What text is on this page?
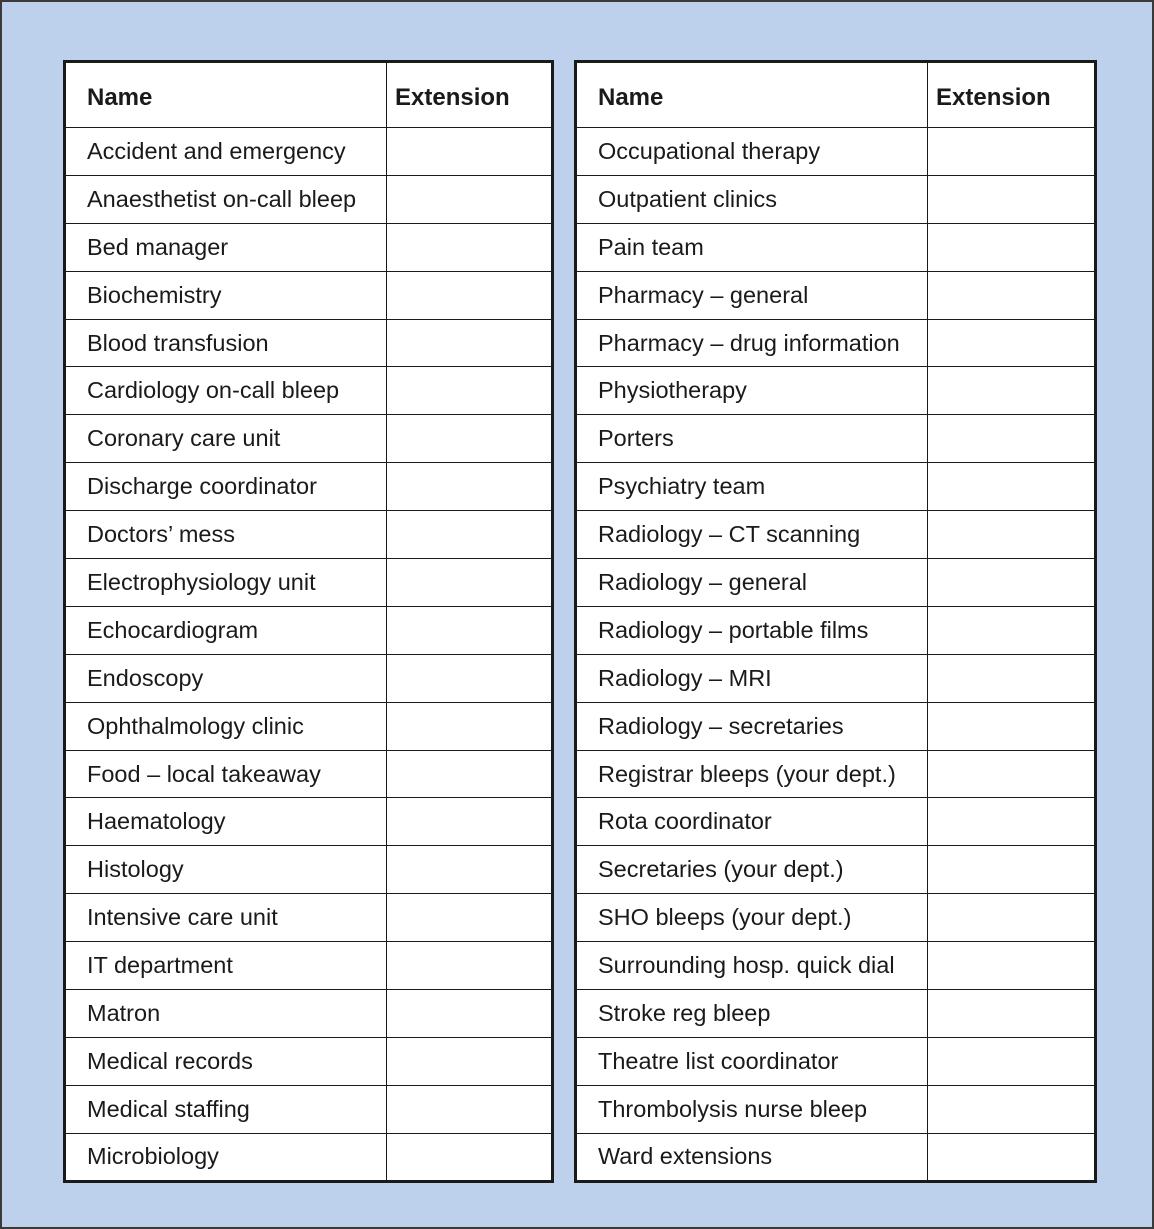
Name	Extension
Accident and emergency	
Anaesthetist on-call bleep	
Bed manager	
Biochemistry	
Blood transfusion	
Cardiology on-call bleep	
Coronary care unit	
Discharge coordinator	
Doctors’ mess	
Electrophysiology unit	
Echocardiogram	
Endoscopy	
Ophthalmology clinic	
Food – local takeaway	
Haematology	
Histology	
Intensive care unit	
IT department	
Matron	
Medical records	
Medical staffing	
Microbiology	
Name	Extension
Occupational therapy	
Outpatient clinics	
Pain team	
Pharmacy – general	
Pharmacy – drug information	
Physiotherapy	
Porters	
Psychiatry team	
Radiology – CT scanning	
Radiology – general	
Radiology – portable films	
Radiology – MRI	
Radiology – secretaries	
Registrar bleeps (your dept.)	
Rota coordinator	
Secretaries (your dept.)	
SHO bleeps (your dept.)	
Surrounding hosp. quick dial	
Stroke reg bleep	
Theatre list coordinator	
Thrombolysis nurse bleep	
Ward extensions	
